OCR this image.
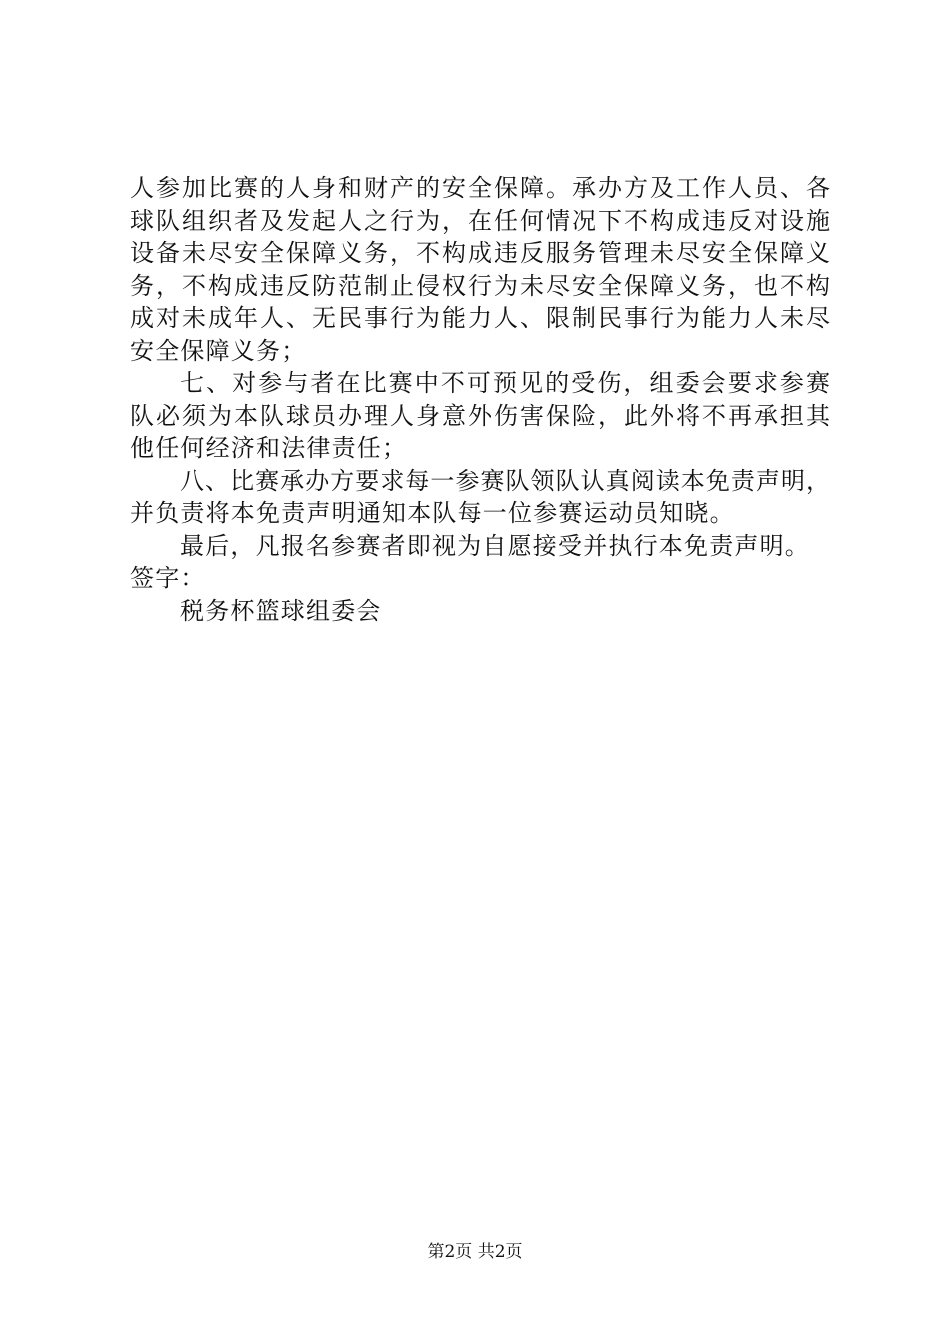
人参加比赛的人身和财产的安全保障。承办方及工作人员、各
球队组织者及发起人之行为，在任何情况下不构成违反对设施
设备未尽安全保障义务，不构成违反服务管理未尽安全保障义
务，不构成违反防范制止侵权行为未尽安全保障义务，也不构
成对未成年人、无民事行为能力人、限制民事行为能力人未尽
安全保障义务；
七、对参与者在比赛中不可预见的受伤，组委会要求参赛
队必须为本队球员办理人身意外伤害保险，此外将不再承担其
他任何经济和法律责任；
八、比赛承办方要求每一参赛队领队认真阅读本免责声明，
并负责将本免责声明通知本队每一位参赛运动员知晓。
最后，凡报名参赛者即视为自愿接受并执行本免责声明。
签字：
税务杯篮球组委会
第2页 共2页
